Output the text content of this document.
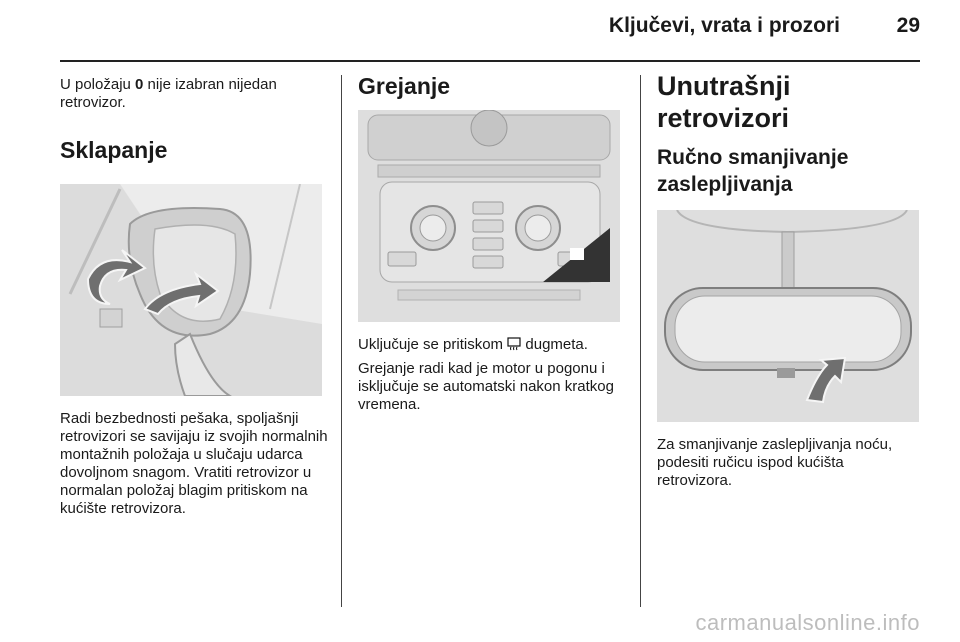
Ključevi, vrata i prozori	29

U položaju 0 nije izabran nijedan retrovizor.

Sklapanje

Radi bezbednosti pešaka, spoljašnji retrovizori se savijaju iz svojih normalnih montažnih položaja u slučaju udarca dovoljnom snagom. Vratiti retrovizor u normalan položaj blagim pritiskom na kućište retrovizora.

Grejanje

Uključuje se pritiskom  dugmeta.

Grejanje radi kad je motor u pogonu i isključuje se automatski nakon kratkog vremena.

Unutrašnji retrovizori
Ručno smanjivanje zaslepljivanja

Za smanjivanje zaslepljivanja noću, podesiti ručicu ispod kućišta retrovizora.

carmanualsonline.info
